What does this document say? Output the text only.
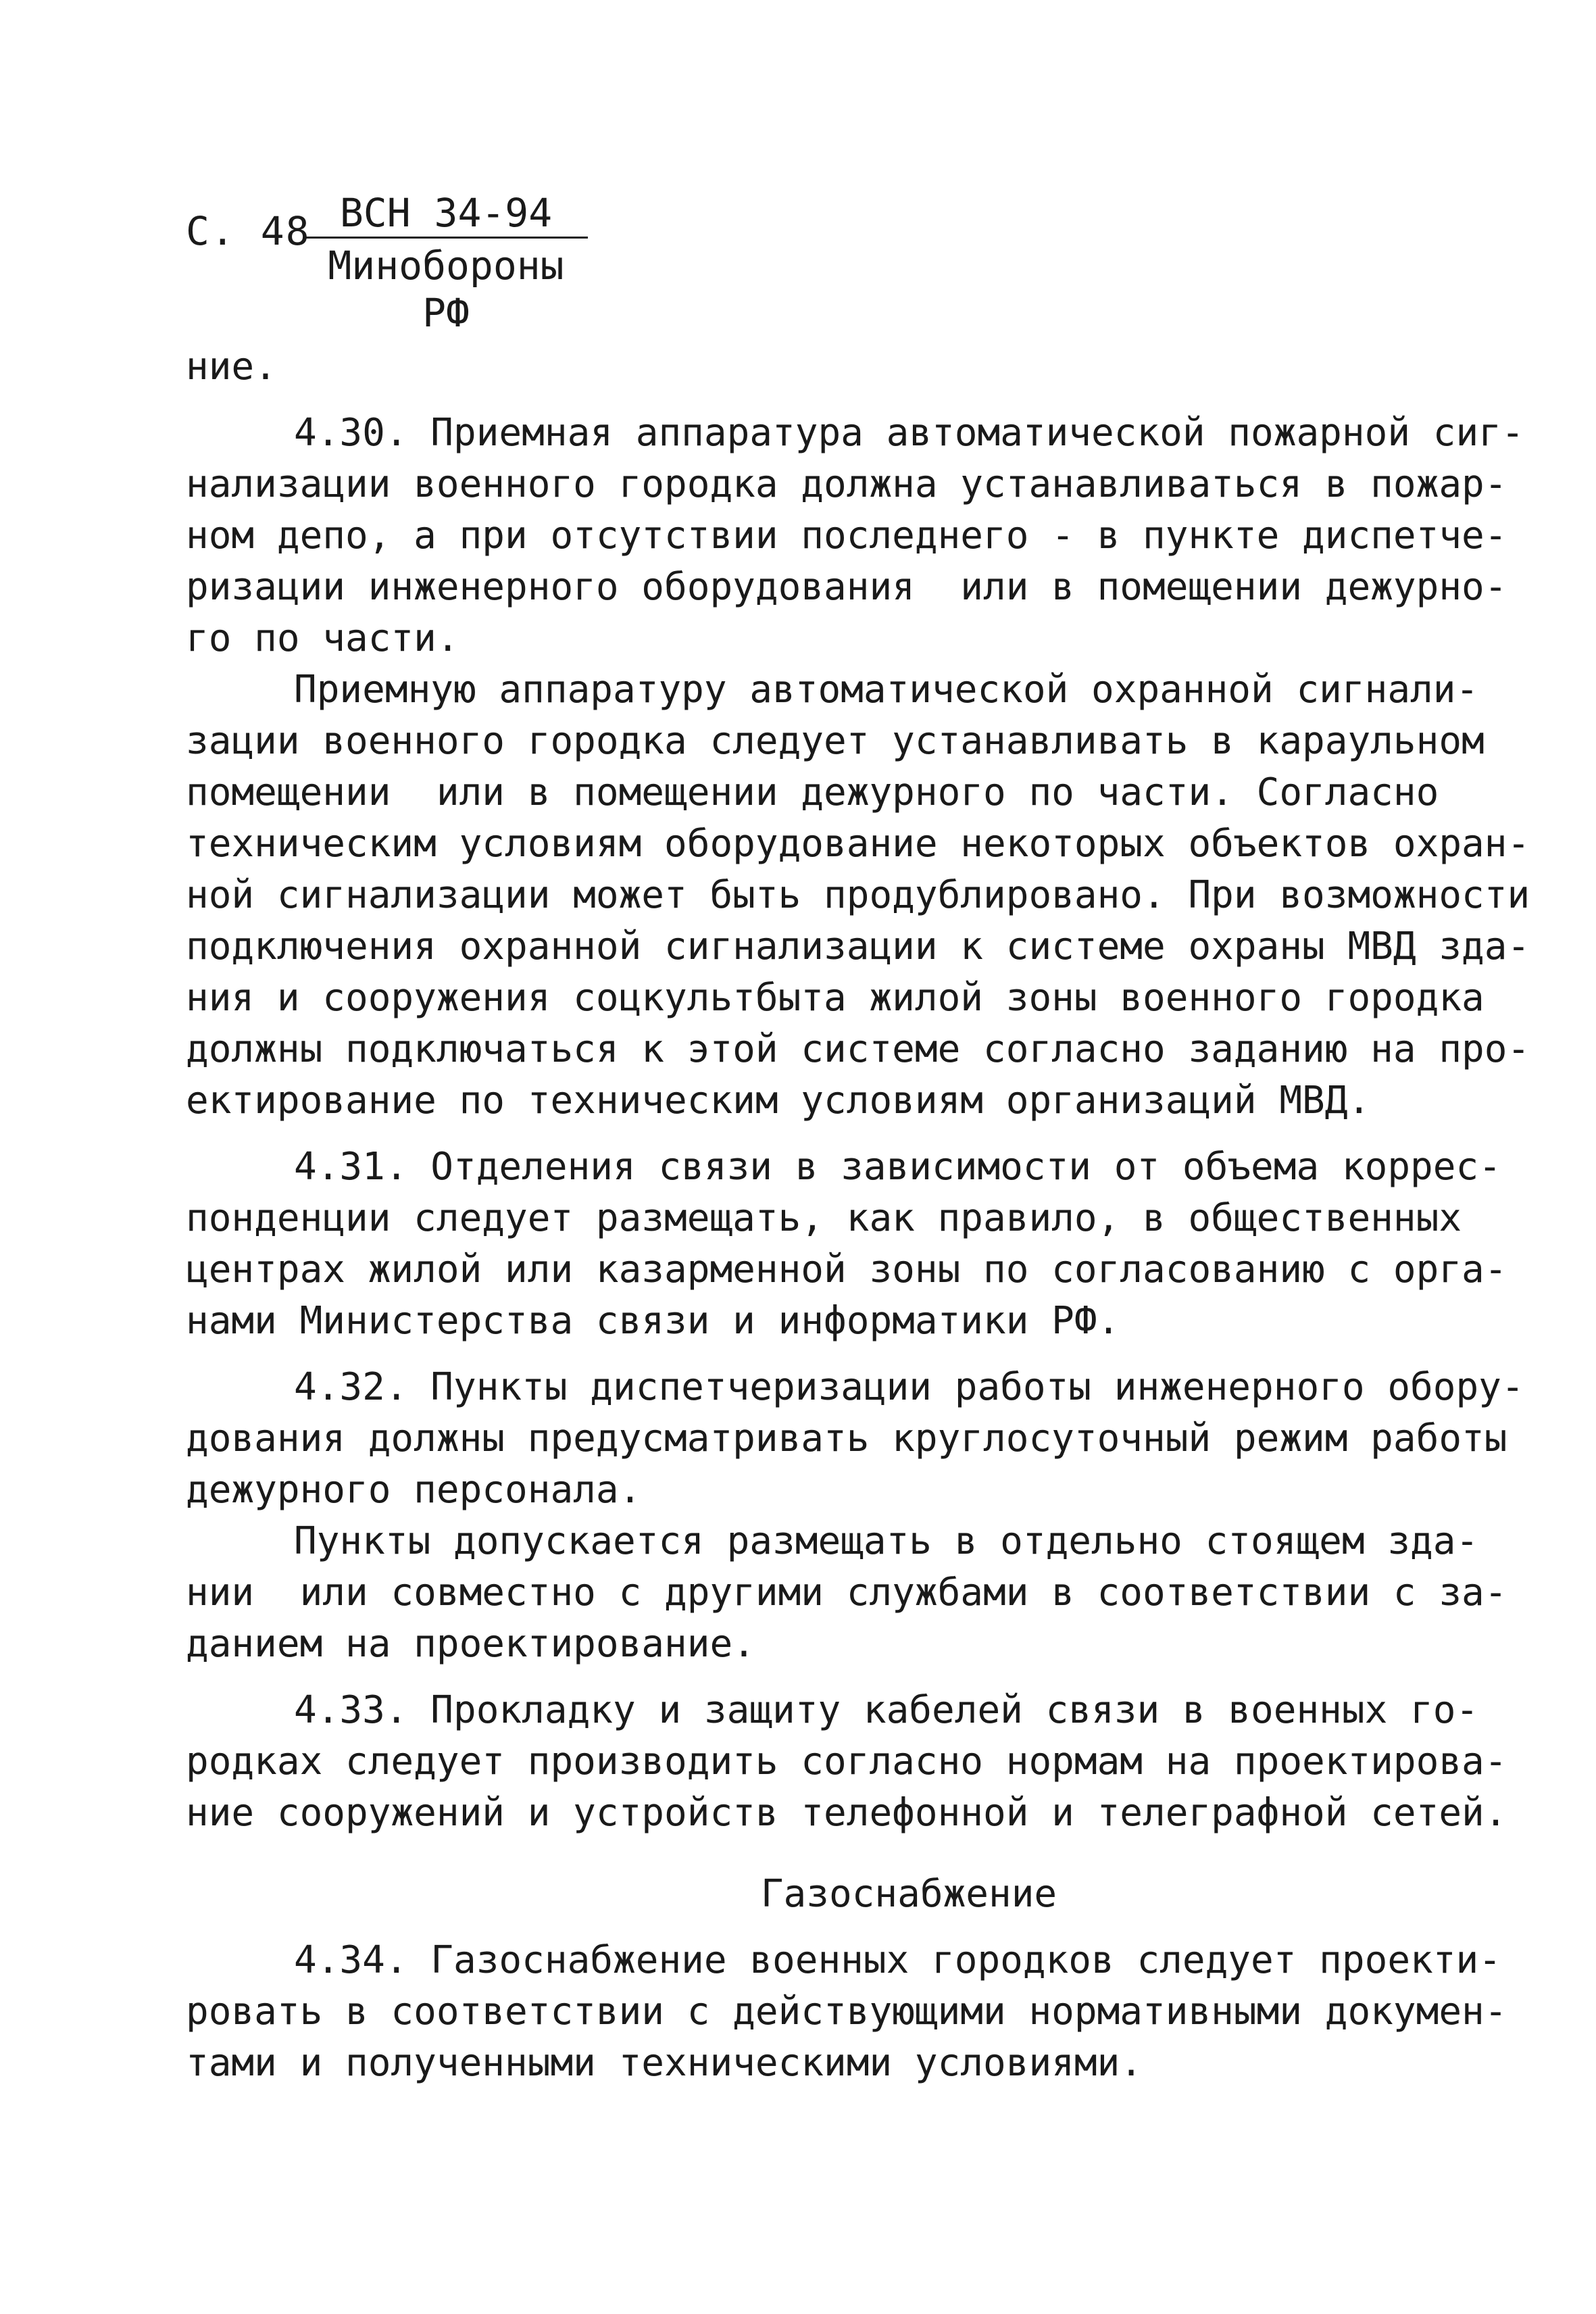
С. 48 ВСН 34-94
Минобороны РФ
ние.
4.30. Приемная аппаратура автоматической пожарной сиг-
нализации военного городка должна устанавливаться в пожар-
ном депо, а при отсутствии последнего - в пункте диспетче-
ризации инженерного оборудования  или в помещении дежурно-
го по части.
Приемную аппаратуру автоматической охранной сигнали-
зации военного городка следует устанавливать в караульном
помещении  или в помещении дежурного по части. Согласно
техническим условиям оборудование некоторых объектов охран-
ной сигнализации может быть продублировано. При возможности
подключения охранной сигнализации к системе охраны МВД зда-
ния и сооружения соцкультбыта жилой зоны военного городка
должны подключаться к этой системе согласно заданию на про-
ектирование по техническим условиям организаций МВД.
4.31. Отделения связи в зависимости от объема коррес-
понденции следует размещать, как правило, в общественных
центрах жилой или казарменной зоны по согласованию с орга-
нами Министерства связи и информатики РФ.
4.32. Пункты диспетчеризации работы инженерного обору-
дования должны предусматривать круглосуточный режим работы
дежурного персонала.
Пункты допускается размещать в отдельно стоящем зда-
нии  или совместно с другими службами в соответствии с за-
данием на проектирование.
4.33. Прокладку и защиту кабелей связи в военных го-
родках следует производить согласно нормам на проектирова-
ние сооружений и устройств телефонной и телеграфной сетей.
Газоснабжение
4.34. Газоснабжение военных городков следует проекти-
ровать в соответствии с действующими нормативными докумен-
тами и полученными техническими условиями.
